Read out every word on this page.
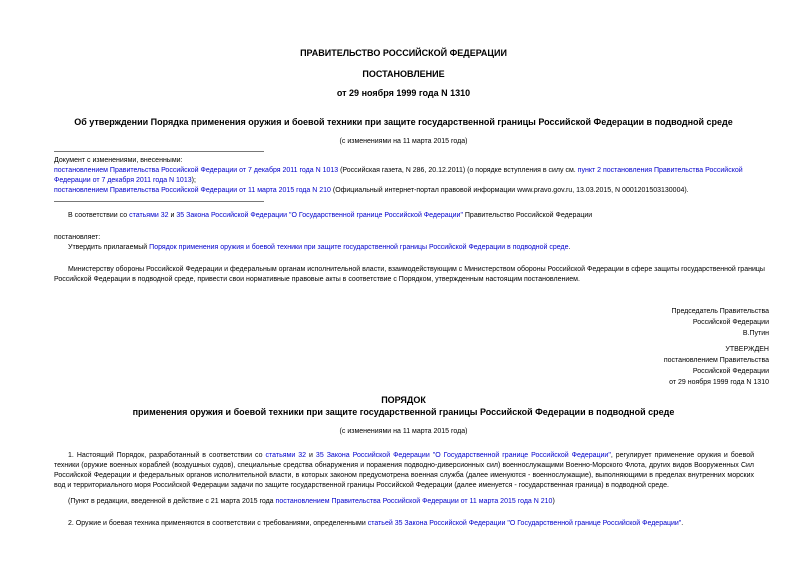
ПРАВИТЕЛЬСТВО РОССИЙСКОЙ ФЕДЕРАЦИИ
ПОСТАНОВЛЕНИЕ
от 29 ноября 1999 года N 1310
Об утверждении Порядка применения оружия и боевой техники при защите государственной границы Российской Федерации в подводной среде
(с изменениями на 11 марта 2015 года)
Документ с изменениями, внесенными:
постановлением Правительства Российской Федерации от 7 декабря 2011 года N 1013 (Российская газета, N 286, 20.12.2011) (о порядке вступления в силу см. пункт 2 постановления Правительства Российской
Федерации от 7 декабря 2011 года N 1013);
постановлением Правительства Российской Федерации от 11 марта 2015 года N 210 (Официальный интернет-портал правовой информации www.pravo.gov.ru, 13.03.2015, N 0001201503130004).
В соответствии со статьями 32 и 35 Закона Российской Федерации "О Государственной границе Российской Федерации" Правительство Российской Федерации
постановляет:
Утвердить прилагаемый Порядок применения оружия и боевой техники при защите государственной границы Российской Федерации в подводной среде.
Министерству обороны Российской Федерации и федеральным органам исполнительной власти, взаимодействующим с Министерством обороны Российской Федерации в сфере защиты государственной границы
Российской Федерации в подводной среде, привести свои нормативные правовые акты в соответствие с Порядком, утвержденным настоящим постановлением.
Председатель Правительства
Российской Федерации
В.Путин
УТВЕРЖДЕН
постановлением Правительства
Российской Федерации
от 29 ноября 1999 года N 1310
ПОРЯДОК
применения оружия и боевой техники при защите государственной границы Российской Федерации в подводной среде
(с изменениями на 11 марта 2015 года)
1. Настоящий Порядок, разработанный в соответствии со статьями 32 и 35 Закона Российской Федерации "О Государственной границе Российской Федерации", регулирует применение оружия и боевой техники (оружие военных кораблей (воздушных судов), специальные средства обнаружения и поражения подводно-диверсионных сил) военнослужащими Военно-Морского Флота, других видов Вооруженных Сил Российской Федерации и федеральных органов исполнительной власти, в которых законом предусмотрена военная служба (далее именуются - военнослужащие), выполняющими в пределах внутренних морских вод и территориального моря Российской Федерации задачи по защите государственной границы Российской Федерации (далее именуется - государственная граница) в подводной среде.
(Пункт в редакции, введенной в действие с 21 марта 2015 года постановлением Правительства Российской Федерации от 11 марта 2015 года N 210)
2. Оружие и боевая техника применяются в соответствии с требованиями, определенными статьей 35 Закона Российской Федерации "О Государственной границе Российской Федерации".
